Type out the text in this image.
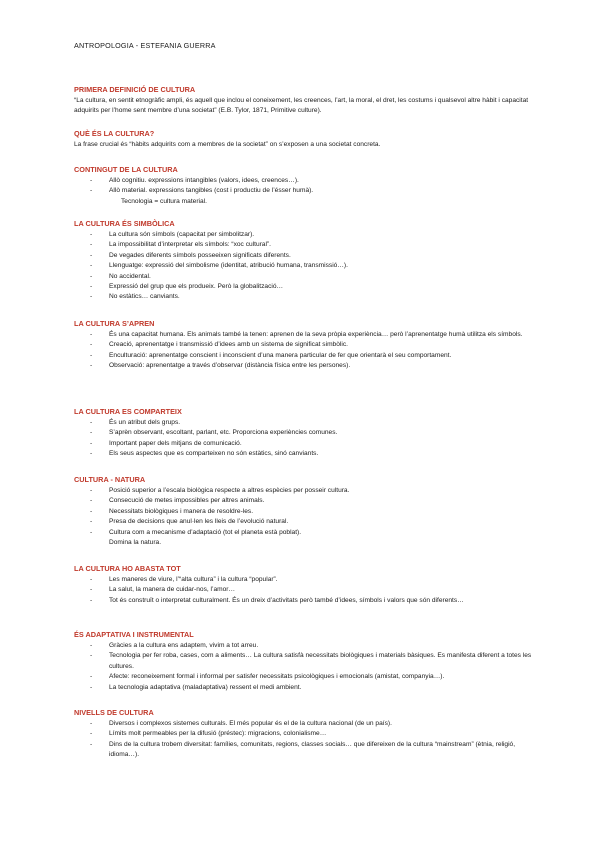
ANTROPOLOGIA - ESTEFANIA GUERRA
PRIMERA DEFINICIÓ DE CULTURA

“La cultura, en sentit etnogràfic ampli, és aquell que inclou el coneixement, les creences, l’art, la moral, el dret, les costums i qualsevol altre hàbit i capacitat adquirits per l’home sent membre d’una societat” (E.B. Tylor, 1871, Primitive culture).

QUÈ ÉS LA CULTURA?

La frase crucial és “hàbits adquirits com a membres de la societat” on s’exposen a una societat concreta.

CONTINGUT DE LA CULTURA
- Allò cognitiu. expressions intangibles (valors, idees, creences…).
- Allò material. expressions tangibles (cost i productiu de l’ésser humà).
Tecnologia = cultura material.
LA CULTURA ÉS SIMBÒLICA
- La cultura són símbols (capacitat per simbolitzar).
- La impossibilitat d’interpretar els símbols: “xoc cultural”.
- De vegades diferents símbols posseeixen significats diferents.
- Llenguatge: expressió del simbolisme (identitat, atribució humana, transmissió…).
- No accidental.
- Expressió del grup que els produeix. Però la globalització…
- No estàtics… canviants.
LA CULTURA S’APREN
- És una capacitat humana. Els animals també la tenen: aprenen de la seva pròpia experiència… però l’aprenentatge humà utilitza els símbols.
- Creació, aprenentatge i transmissió d’idees amb un sistema de significat simbòlic.
- Enculturació: aprenentatge conscient i inconscient d’una manera particular de fer que orientarà el seu comportament.
- Observació: aprenentatge a través d’observar (distància física entre les persones).
LA CULTURA ES COMPARTEIX
- És un atribut dels grups.
- S’aprèn observant, escoltant, parlant, etc. Proporciona experiències comunes.
- Important paper dels mitjans de comunicació.
- Els seus aspectes que es comparteixen no són estàtics, sinó canviants.
CULTURA - NATURA
- Posició superior a l’escala biològica respecte a altres espècies per posseir cultura.
- Consecució de metes impossibles per altres animals.
- Necessitats biològiques i manera de resoldre-les.
- Presa de decisions que anul·len les lleis de l’evolució natural.
- Cultura com a mecanisme d’adaptació (tot el planeta està poblat).
Domina la natura.
LA CULTURA HO ABASTA TOT
- Les maneres de viure, l’“alta cultura” i la cultura “popular”.
- La salut, la manera de cuidar-nos, l’amor…
- Tot és construït o interpretat culturalment. És un dreix d’activitats però també d’idees, símbols i valors que són diferents…
ÉS ADAPTATIVA I INSTRUMENTAL
- Gràcies a la cultura ens adaptem, vivim a tot arreu.
- Tecnologia per fer roba, cases, com a aliments… La cultura satisfà necessitats biològiques i materials bàsiques. Es manifesta diferent a totes les cultures.
- Afecte: reconeixement formal i informal per satisfer necessitats psicològiques i emocionals (amistat, companyia…).
- La tecnologia adaptativa (maladaptativa) ressent el medi ambient.
NIVELLS DE CULTURA
- Diversos i complexos sistemes culturals. El més popular és el de la cultura nacional (de un país).
- Límits molt permeables per la difusió (préstec): migracions, colonialisme…
- Dins de la cultura trobem diversitat: famílies, comunitats, regions, classes socials… que difereixen de la cultura “mainstream” (ètnia, religió, idioma…).
